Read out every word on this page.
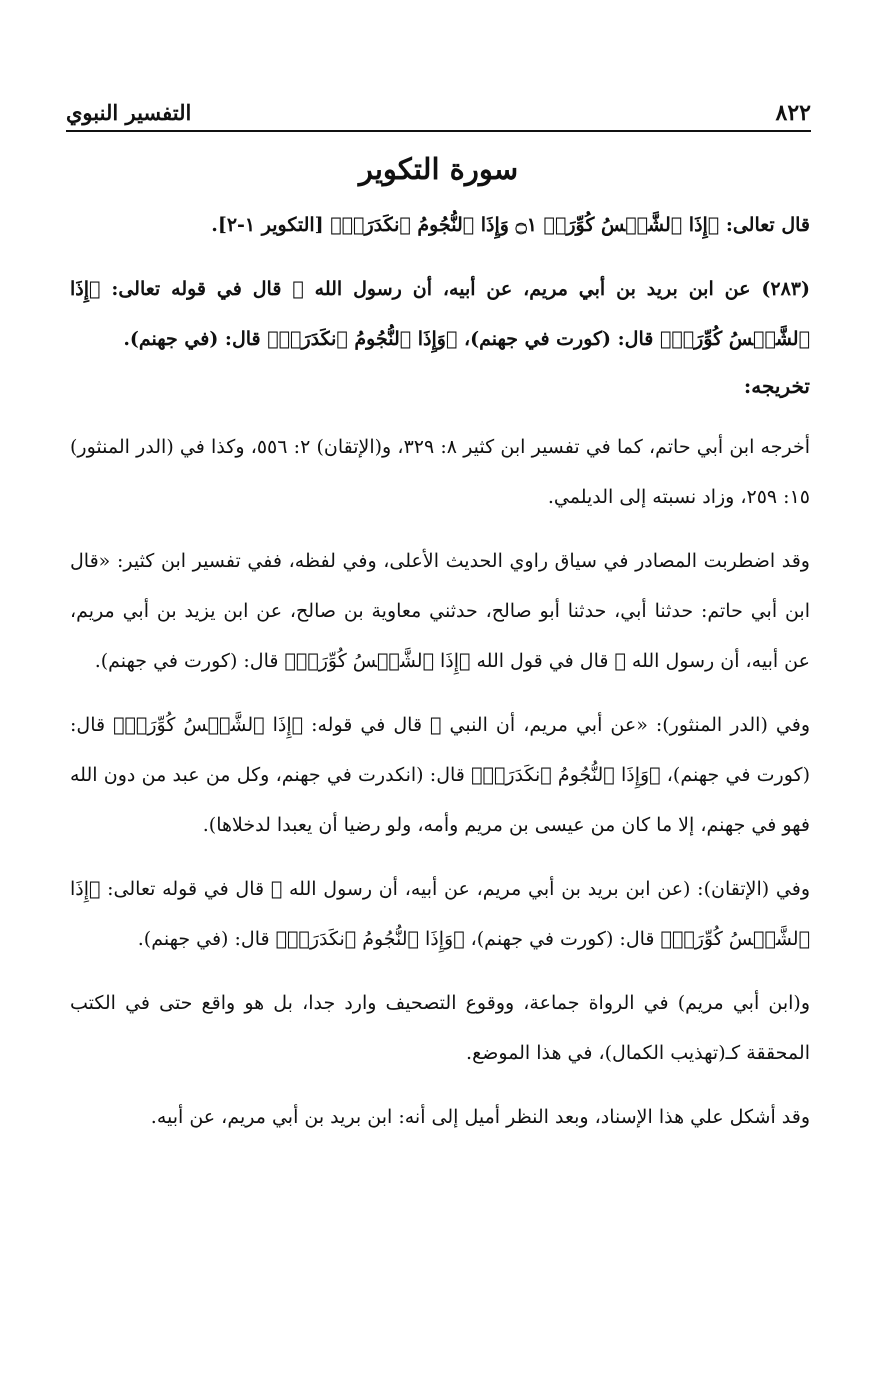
٨٢٢
التفسير النبوي
سورة التكوير

قال تعالى: ﴿إِذَا ٱلشَّمۡسُ كُوِّرَتۡ ۝١ وَإِذَا ٱلنُّجُومُ ٱنكَدَرَتۡ﴾ [التكوير ١-٢].

(٢٨٣) عن ابن بريد بن أبي مريم، عن أبيه، أن رسول الله ﷺ قال في قوله تعالى: ﴿إِذَا ٱلشَّمۡسُ كُوِّرَتۡ﴾ قال: (كورت في جهنم)، ﴿وَإِذَا ٱلنُّجُومُ ٱنكَدَرَتۡ﴾ قال: (في جهنم).

تخريجه:

أخرجه ابن أبي حاتم، كما في تفسير ابن كثير ٨: ٣٢٩، و(الإتقان) ٢: ٥٥٦، وكذا في (الدر المنثور) ١٥: ٢٥٩، وزاد نسبته إلى الديلمي.

وقد اضطربت المصادر في سياق راوي الحديث الأعلى، وفي لفظه، ففي تفسير ابن كثير: «قال ابن أبي حاتم: حدثنا أبي، حدثنا أبو صالح، حدثني معاوية بن صالح، عن ابن يزيد بن أبي مريم، عن أبيه، أن رسول الله ﷺ قال في قول الله ﴿إِذَا ٱلشَّمۡسُ كُوِّرَتۡ﴾ قال: (كورت في جهنم).

وفي (الدر المنثور): «عن أبي مريم، أن النبي ﷺ قال في قوله: ﴿إِذَا ٱلشَّمۡسُ كُوِّرَتۡ﴾ قال: (كورت في جهنم)، ﴿وَإِذَا ٱلنُّجُومُ ٱنكَدَرَتۡ﴾ قال: (انكدرت في جهنم، وكل من عبد من دون الله فهو في جهنم، إلا ما كان من عيسى بن مريم وأمه، ولو رضيا أن يعبدا لدخلاها).

وفي (الإتقان): (عن ابن بريد بن أبي مريم، عن أبيه، أن رسول الله ﷺ قال في قوله تعالى: ﴿إِذَا ٱلشَّمۡسُ كُوِّرَتۡ﴾ قال: (كورت في جهنم)، ﴿وَإِذَا ٱلنُّجُومُ ٱنكَدَرَتۡ﴾ قال: (في جهنم).

و(ابن أبي مريم) في الرواة جماعة، ووقوع التصحيف وارد جدا، بل هو واقع حتى في الكتب المحققة كـ(تهذيب الكمال)، في هذا الموضع.

وقد أشكل علي هذا الإسناد، وبعد النظر أميل إلى أنه: ابن بريد بن أبي مريم، عن أبيه.
